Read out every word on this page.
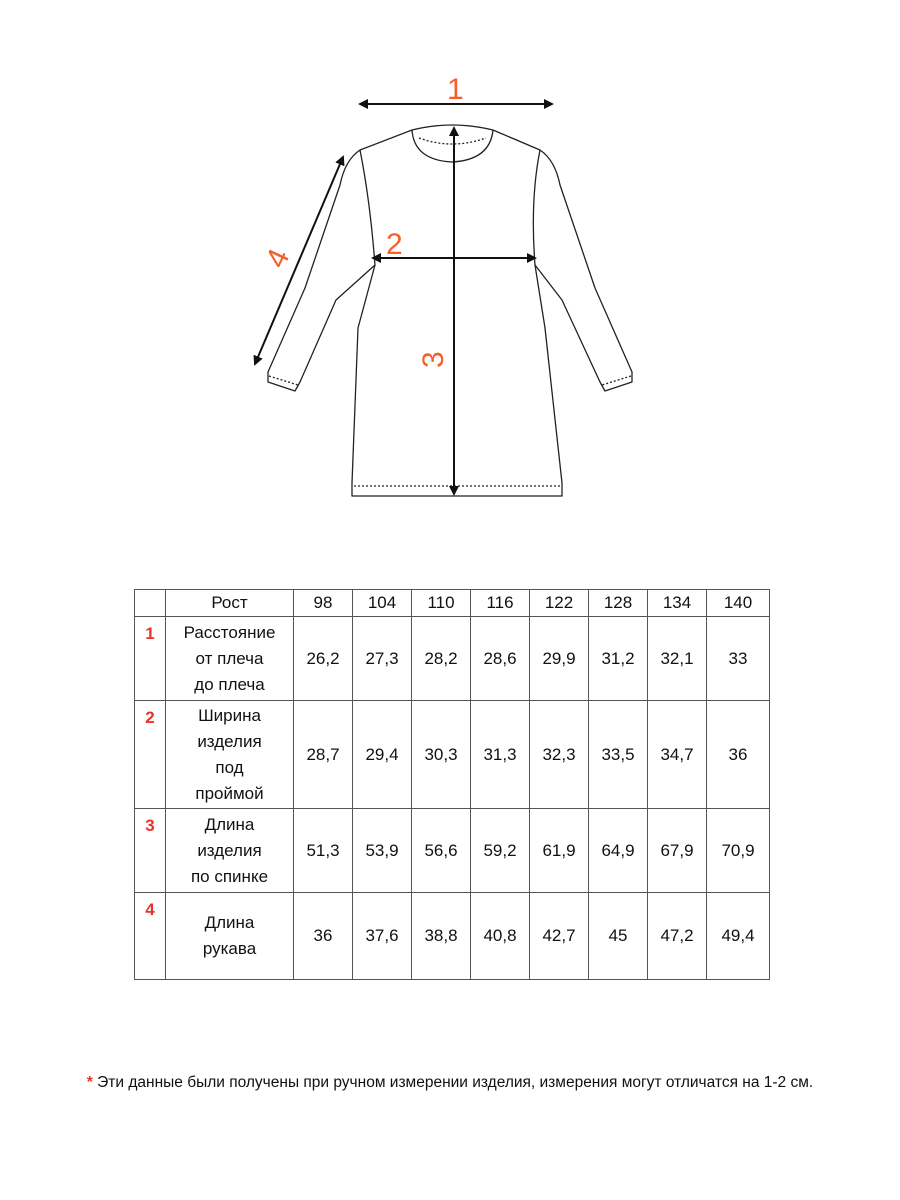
1
2
3
4
	Рост	98	104	110	116	122	128	134	140
1	Расстояние
от плеча
до плеча	26,2	27,3	28,2	28,6	29,9	31,2	32,1	33
2	Ширина
изделия
под
проймой	28,7	29,4	30,3	31,3	32,3	33,5	34,7	36
3	Длина
изделия
по спинке	51,3	53,9	56,6	59,2	61,9	64,9	67,9	70,9
4	Длина
рукава	36	37,6	38,8	40,8	42,7	45	47,2	49,4
* Эти данные были получены при ручном измерении изделия, измерения могут отличатся на 1-2 см.
